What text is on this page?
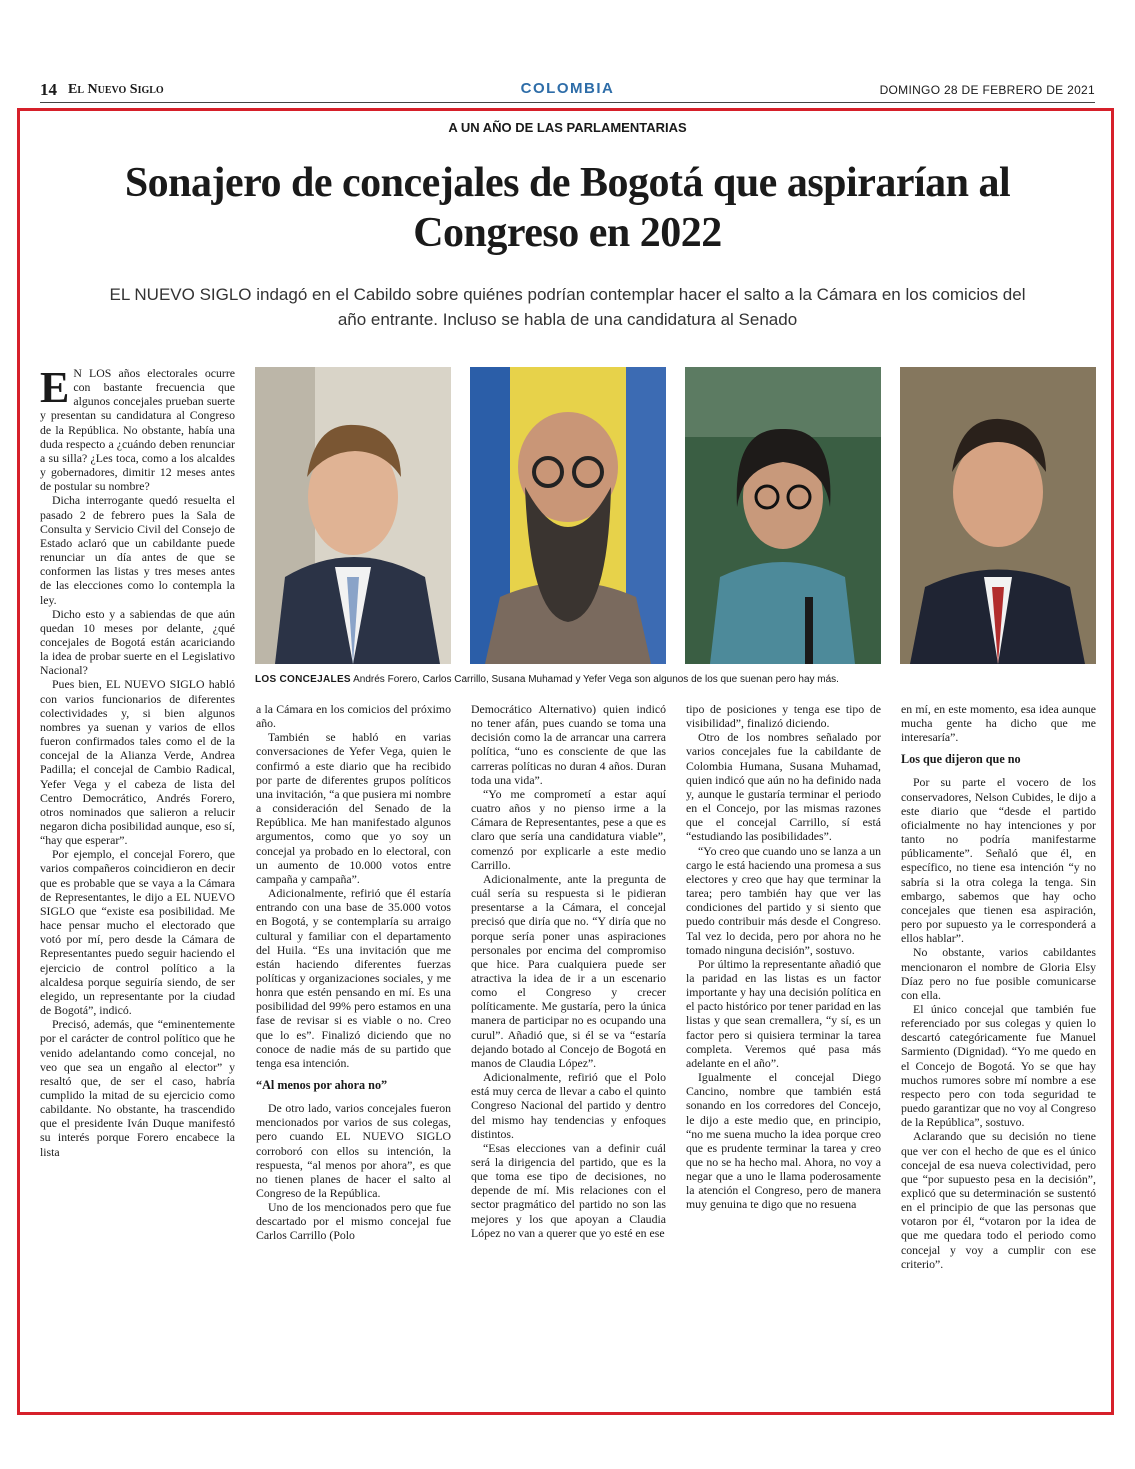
14 El Nuevo Siglo	COLOMBIA	DOMINGO 28 DE FEBRERO DE 2021
A UN AÑO DE LAS PARLAMENTARIAS
Sonajero de concejales de Bogotá que aspirarían al Congreso en 2022
EL NUEVO SIGLO indagó en el Cabildo sobre quiénes podrían contemplar hacer el salto a la Cámara en los comicios del año entrante. Incluso se habla de una candidatura al Senado
LOS CONCEJALES Andrés Forero, Carlos Carrillo, Susana Muhamad y Yefer Vega son algunos de los que suenan pero hay más.

E N LOS años electorales ocurre con bastante frecuencia que algunos concejales prueban suerte y presentan su candidatura al Congreso de la República. No obstante, había una duda respecto a ¿cuándo deben renunciar a su silla? ¿Les toca, como a los alcaldes y gobernadores, dimitir 12 meses antes de postular su nombre?

Dicha interrogante quedó resuelta el pasado 2 de febrero pues la Sala de Consulta y Servicio Civil del Consejo de Estado aclaró que un cabildante puede renunciar un día antes de que se conformen las listas y tres meses antes de las elecciones como lo contempla la ley.

Dicho esto y a sabiendas de que aún quedan 10 meses por delante, ¿qué concejales de Bogotá están acariciando la idea de probar suerte en el Legislativo Nacional?

Pues bien, EL NUEVO SIGLO habló con varios funcionarios de diferentes colectividades y, si bien algunos nombres ya suenan y varios de ellos fueron confirmados tales como el de la concejal de la Alianza Verde, Andrea Padilla; el concejal de Cambio Radical, Yefer Vega y el cabeza de lista del Centro Democrático, Andrés Forero, otros nominados que salieron a relucir negaron dicha posibilidad aunque, eso sí, “hay que esperar”.

Por ejemplo, el concejal Forero, que varios compañeros coincidieron en decir que es probable que se vaya a la Cámara de Representantes, le dijo a EL NUEVO SIGLO que “existe esa posibilidad. Me hace pensar mucho el electorado que votó por mí, pero desde la Cámara de Representantes puedo seguir haciendo el ejercicio de control político a la alcaldesa porque seguiría siendo, de ser elegido, un representante por la ciudad de Bogotá”, indicó.

Precisó, además, que “eminentemente por el carácter de control político que he venido adelantando como concejal, no veo que sea un engaño al elector” y resaltó que, de ser el caso, habría cumplido la mitad de su ejercicio como cabildante. No obstante, ha trascendido que el presidente Iván Duque manifestó su interés porque Forero encabece la lista

a la Cámara en los comicios del próximo año.

También se habló en varias conversaciones de Yefer Vega, quien le confirmó a este diario que ha recibido por parte de diferentes grupos políticos una invitación, “a que pusiera mi nombre a consideración del Senado de la República. Me han manifestado algunos argumentos, como que yo soy un concejal ya probado en lo electoral, con un aumento de 10.000 votos entre campaña y campaña”.

Adicionalmente, refirió que él estaría entrando con una base de 35.000 votos en Bogotá, y se contemplaría su arraigo cultural y familiar con el departamento del Huila. “Es una invitación que me están haciendo diferentes fuerzas políticas y organizaciones sociales, y me honra que estén pensando en mí. Es una posibilidad del 99% pero estamos en una fase de revisar si es viable o no. Creo que lo es”. Finalizó diciendo que no conoce de nadie más de su partido que tenga esa intención.

“Al menos por ahora no”

De otro lado, varios concejales fueron mencionados por varios de sus colegas, pero cuando EL NUEVO SIGLO corroboró con ellos su intención, la respuesta, “al menos por ahora”, es que no tienen planes de hacer el salto al Congreso de la República.

Uno de los mencionados pero que fue descartado por el mismo concejal fue Carlos Carrillo (Polo

Democrático Alternativo) quien indicó no tener afán, pues cuando se toma una decisión como la de arrancar una carrera política, “uno es consciente de que las carreras políticas no duran 4 años. Duran toda una vida”.

“Yo me comprometí a estar aquí cuatro años y no pienso irme a la Cámara de Representantes, pese a que es claro que sería una candidatura viable”, comenzó por explicarle a este medio Carrillo.

Adicionalmente, ante la pregunta de cuál sería su respuesta si le pidieran presentarse a la Cámara, el concejal precisó que diría que no. “Y diría que no porque sería poner unas aspiraciones personales por encima del compromiso que hice. Para cualquiera puede ser atractiva la idea de ir a un escenario como el Congreso y crecer políticamente. Me gustaría, pero la única manera de participar no es ocupando una curul”. Añadió que, si él se va “estaría dejando botado al Concejo de Bogotá en manos de Claudia López”.

Adicionalmente, refirió que el Polo está muy cerca de llevar a cabo el quinto Congreso Nacional del partido y dentro del mismo hay tendencias y enfoques distintos.

“Esas elecciones van a definir cuál será la dirigencia del partido, que es la que toma ese tipo de decisiones, no depende de mí. Mis relaciones con el sector pragmático del partido no son las mejores y los que apoyan a Claudia López no van a querer que yo esté en ese

tipo de posiciones y tenga ese tipo de visibilidad”, finalizó diciendo.

Otro de los nombres señalado por varios concejales fue la cabildante de Colombia Humana, Susana Muhamad, quien indicó que aún no ha definido nada y, aunque le gustaría terminar el periodo en el Concejo, por las mismas razones que el concejal Carrillo, sí está “estudiando las posibilidades”.

“Yo creo que cuando uno se lanza a un cargo le está haciendo una promesa a sus electores y creo que hay que terminar la tarea; pero también hay que ver las condiciones del partido y si siento que puedo contribuir más desde el Congreso. Tal vez lo decida, pero por ahora no he tomado ninguna decisión”, sostuvo.

Por último la representante añadió que la paridad en las listas es un factor importante y hay una decisión política en el pacto histórico por tener paridad en las listas y que sean cremallera, “y sí, es un factor pero si quisiera terminar la tarea completa. Veremos qué pasa más adelante en el año”.

Igualmente el concejal Diego Cancino, nombre que también está sonando en los corredores del Concejo, le dijo a este medio que, en principio, “no me suena mucho la idea porque creo que es prudente terminar la tarea y creo que no se ha hecho mal. Ahora, no voy a negar que a uno le llama poderosamente la atención el Congreso, pero de manera muy genuina te digo que no resuena

en mí, en este momento, esa idea aunque mucha gente ha dicho que me interesaría”.

Los que dijeron que no

Por su parte el vocero de los conservadores, Nelson Cubides, le dijo a este diario que “desde el partido oficialmente no hay intenciones y por tanto no podría manifestarme públicamente”. Señaló que él, en específico, no tiene esa intención “y no sabría si la otra colega la tenga. Sin embargo, sabemos que hay ocho concejales que tienen esa aspiración, pero por supuesto ya le corresponderá a ellos hablar”.

No obstante, varios cabildantes mencionaron el nombre de Gloria Elsy Díaz pero no fue posible comunicarse con ella.

El único concejal que también fue referenciado por sus colegas y quien lo descartó categóricamente fue Manuel Sarmiento (Dignidad). “Yo me quedo en el Concejo de Bogotá. Yo se que hay muchos rumores sobre mí nombre a ese respecto pero con toda seguridad te puedo garantizar que no voy al Congreso de la República”, sostuvo.

Aclarando que su decisión no tiene que ver con el hecho de que es el único concejal de esa nueva colectividad, pero que “por supuesto pesa en la decisión”, explicó que su determinación se sustentó en el principio de que las personas que votaron por él, “votaron por la idea de que me quedara todo el periodo como concejal y voy a cumplir con ese criterio”.
